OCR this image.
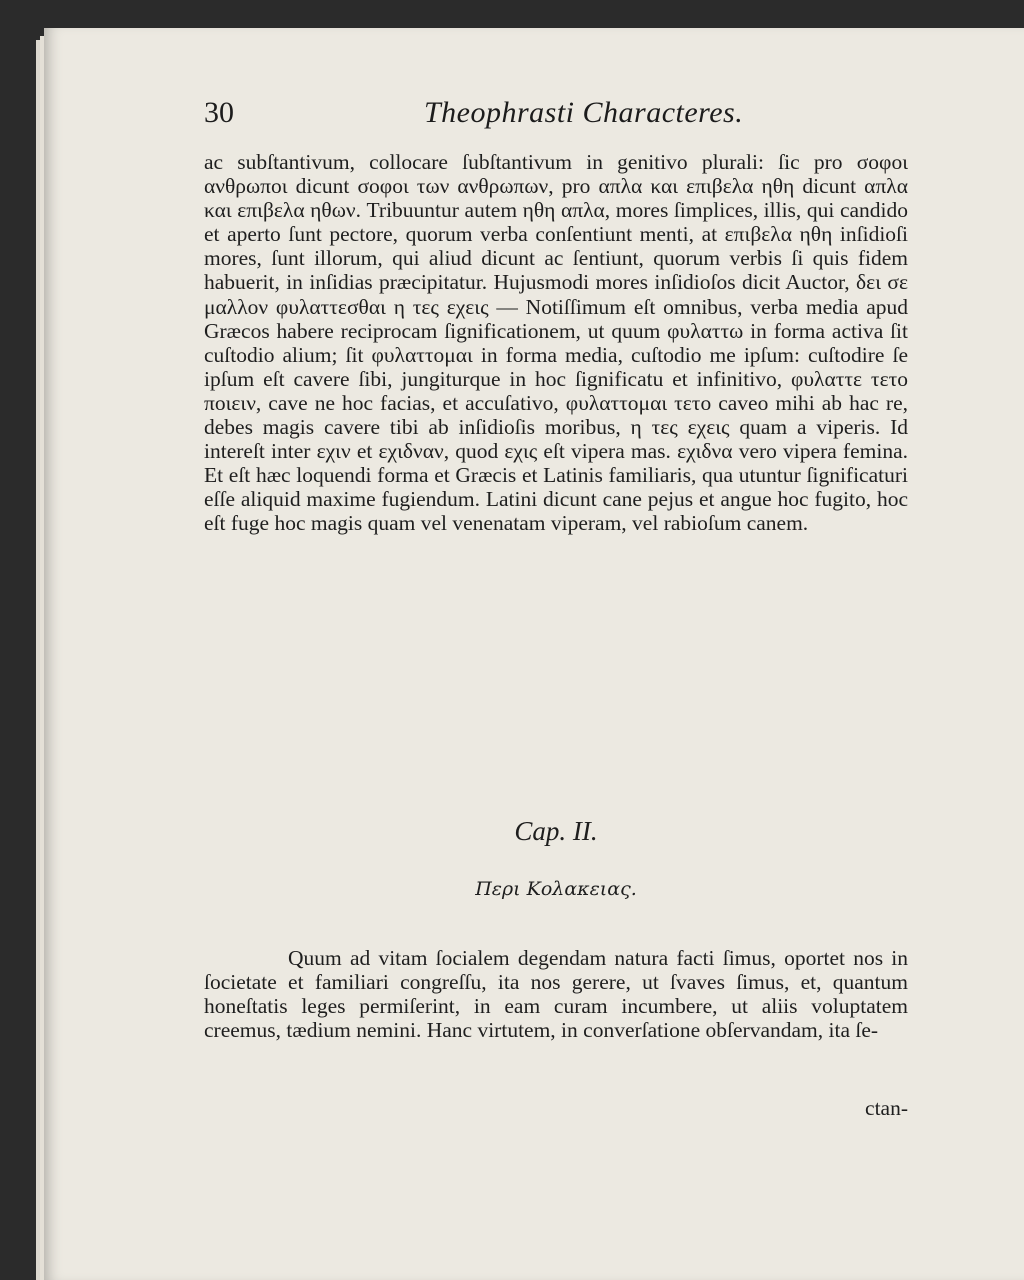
30	Theophrasti Characteres.

ac subſtantivum, collocare ſubſtantivum in genitivo plurali: ſic pro σοφοι ανθρωποι dicunt σοφοι των ανθρωπων, pro απλα και επιβελα ηθη dicunt απλα και επιβελα ηθων. Tribuuntur autem ηθη απλα, mores ſimplices, illis, qui candido et aperto ſunt pectore, quorum verba conſentiunt menti, at επιβελα ηθη inſidioſi mores, ſunt illorum, qui aliud dicunt ac ſentiunt, quorum verbis ſi quis fidem habuerit, in inſidias præcipitatur. Hujusmodi mores inſidioſos dicit Auctor, δει σε μαλλον φυλαττεσθαι η τες εχεις — Notiſſimum eſt omnibus, verba media apud Græcos habere reciprocam ſignificationem, ut quum φυλαττω in forma activa ſit cuſtodio alium; ſit φυλαττομαι in forma media, cuſtodio me ipſum: cuſtodire ſe ipſum eſt cavere ſibi, jungiturque in hoc ſignificatu et infinitivo, φυλαττε τετο ποιειν, cave ne hoc facias, et accuſativo, φυλαττομαι τετο caveo mihi ab hac re, debes magis cavere tibi ab inſidioſis moribus, η τες εχεις quam a viperis. Id intereſt inter εχιν et εχιδναν, quod εχις eſt vipera mas. εχιδνα vero vipera femina. Et eſt hæc loquendi forma et Græcis et Latinis familiaris, qua utuntur ſignificaturi eſſe aliquid maxime fugiendum. Latini dicunt cane pejus et angue hoc fugito, hoc eſt fuge hoc magis quam vel venenatam viperam, vel rabioſum canem.

Cap. II.
Περι Κολακειας.

Quum ad vitam ſocialem degendam natura facti ſimus, oportet nos in ſocietate et familiari congreſſu, ita nos gerere, ut ſvaves ſimus, et, quantum honeſtatis leges permiſerint, in eam curam incumbere, ut aliis voluptatem creemus, tædium nemini. Hanc virtutem, in converſatione obſervandam, ita ſe-

ctan-
